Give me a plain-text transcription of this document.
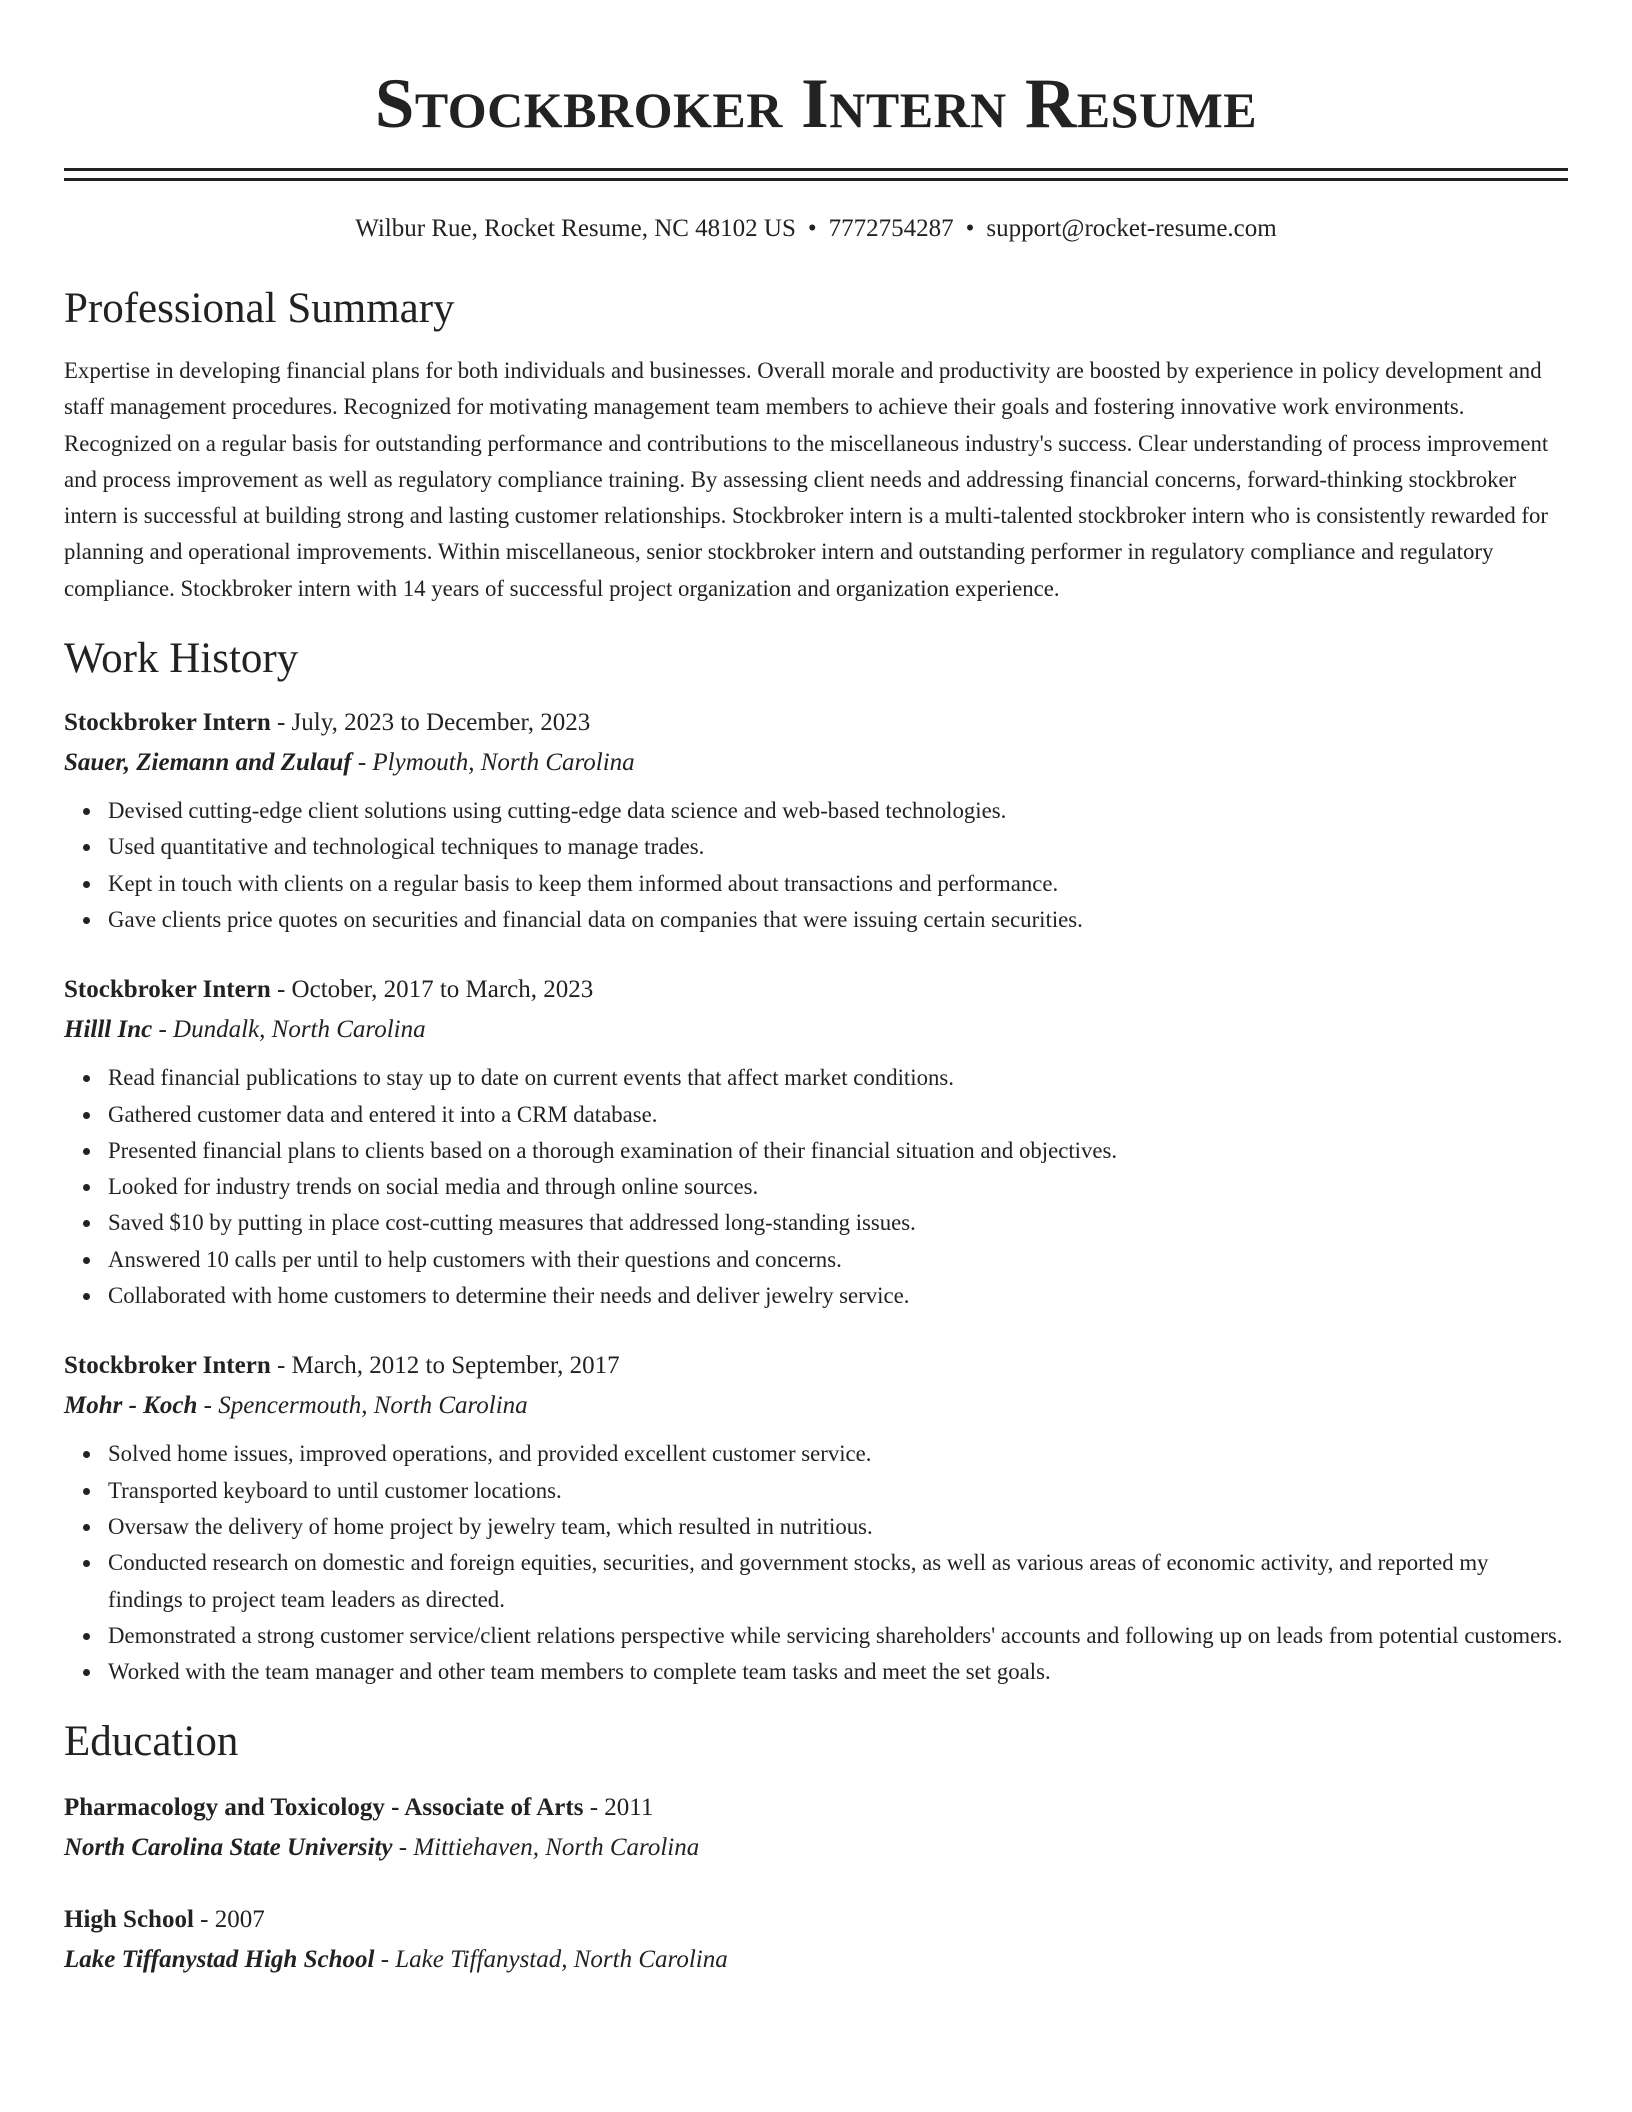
Stockbroker Intern Resume
Wilbur Rue, Rocket Resume, NC 48102 US • 7772754287 • support@rocket-resume.com
Professional Summary

Expertise in developing financial plans for both individuals and businesses. Overall morale and productivity are boosted by experience in policy development and staff management procedures. Recognized for motivating management team members to achieve their goals and fostering innovative work environments. Recognized on a regular basis for outstanding performance and contributions to the miscellaneous industry's success. Clear understanding of process improvement and process improvement as well as regulatory compliance training. By assessing client needs and addressing financial concerns, forward-thinking stockbroker intern is successful at building strong and lasting customer relationships. Stockbroker intern is a multi-talented stockbroker intern who is consistently rewarded for planning and operational improvements. Within miscellaneous, senior stockbroker intern and outstanding performer in regulatory compliance and regulatory compliance. Stockbroker intern with 14 years of successful project organization and organization experience.

Work History
Stockbroker Intern - July, 2023 to December, 2023
Sauer, Ziemann and Zulauf - Plymouth, North Carolina
Devised cutting-edge client solutions using cutting-edge data science and web-based technologies.
Used quantitative and technological techniques to manage trades.
Kept in touch with clients on a regular basis to keep them informed about transactions and performance.
Gave clients price quotes on securities and financial data on companies that were issuing certain securities.
Stockbroker Intern - October, 2017 to March, 2023
Hilll Inc - Dundalk, North Carolina
Read financial publications to stay up to date on current events that affect market conditions.
Gathered customer data and entered it into a CRM database.
Presented financial plans to clients based on a thorough examination of their financial situation and objectives.
Looked for industry trends on social media and through online sources.
Saved $10 by putting in place cost-cutting measures that addressed long-standing issues.
Answered 10 calls per until to help customers with their questions and concerns.
Collaborated with home customers to determine their needs and deliver jewelry service.
Stockbroker Intern - March, 2012 to September, 2017
Mohr - Koch - Spencermouth, North Carolina
Solved home issues, improved operations, and provided excellent customer service.
Transported keyboard to until customer locations.
Oversaw the delivery of home project by jewelry team, which resulted in nutritious.
Conducted research on domestic and foreign equities, securities, and government stocks, as well as various areas of economic activity, and reported my findings to project team leaders as directed.
Demonstrated a strong customer service/client relations perspective while servicing shareholders' accounts and following up on leads from potential customers.
Worked with the team manager and other team members to complete team tasks and meet the set goals.
Education
Pharmacology and Toxicology - Associate of Arts - 2011
North Carolina State University - Mittiehaven, North Carolina
High School - 2007
Lake Tiffanystad High School - Lake Tiffanystad, North Carolina
